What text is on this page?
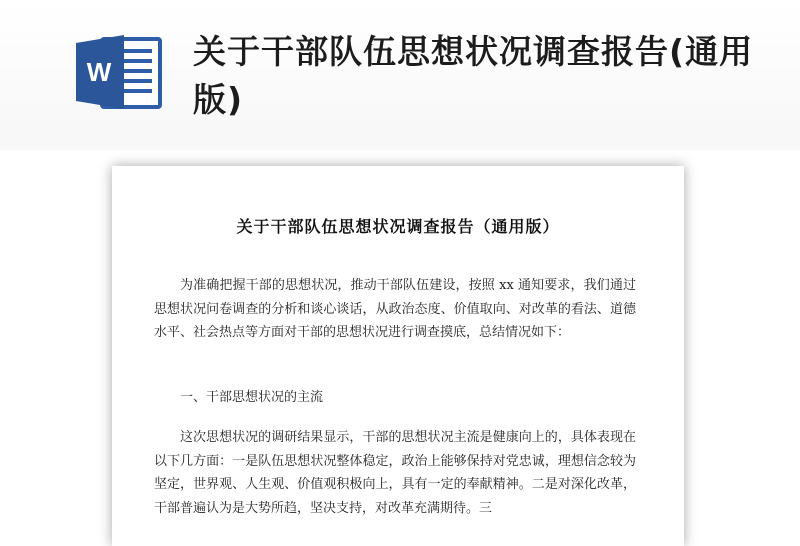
W
关于干部队伍思想状况调查报告(通用版)
关于干部队伍思想状况调查报告（通用版）
为准确把握干部的思想状况，推动干部队伍建设，按照 xx 通知要求，我们通过思想状况问卷调查的分析和谈心谈话，从政治态度、价值取向、对改革的看法、道德水平、社会热点等方面对干部的思想状况进行调查摸底，总结情况如下：
一、干部思想状况的主流
这次思想状况的调研结果显示，干部的思想状况主流是健康向上的，具体表现在以下几方面：一是队伍思想状况整体稳定，政治上能够保持对党忠诚，理想信念较为坚定，世界观、人生观、价值观积极向上，具有一定的奉献精神。二是对深化改革，干部普遍认为是大势所趋，坚决支持，对改革充满期待。三
